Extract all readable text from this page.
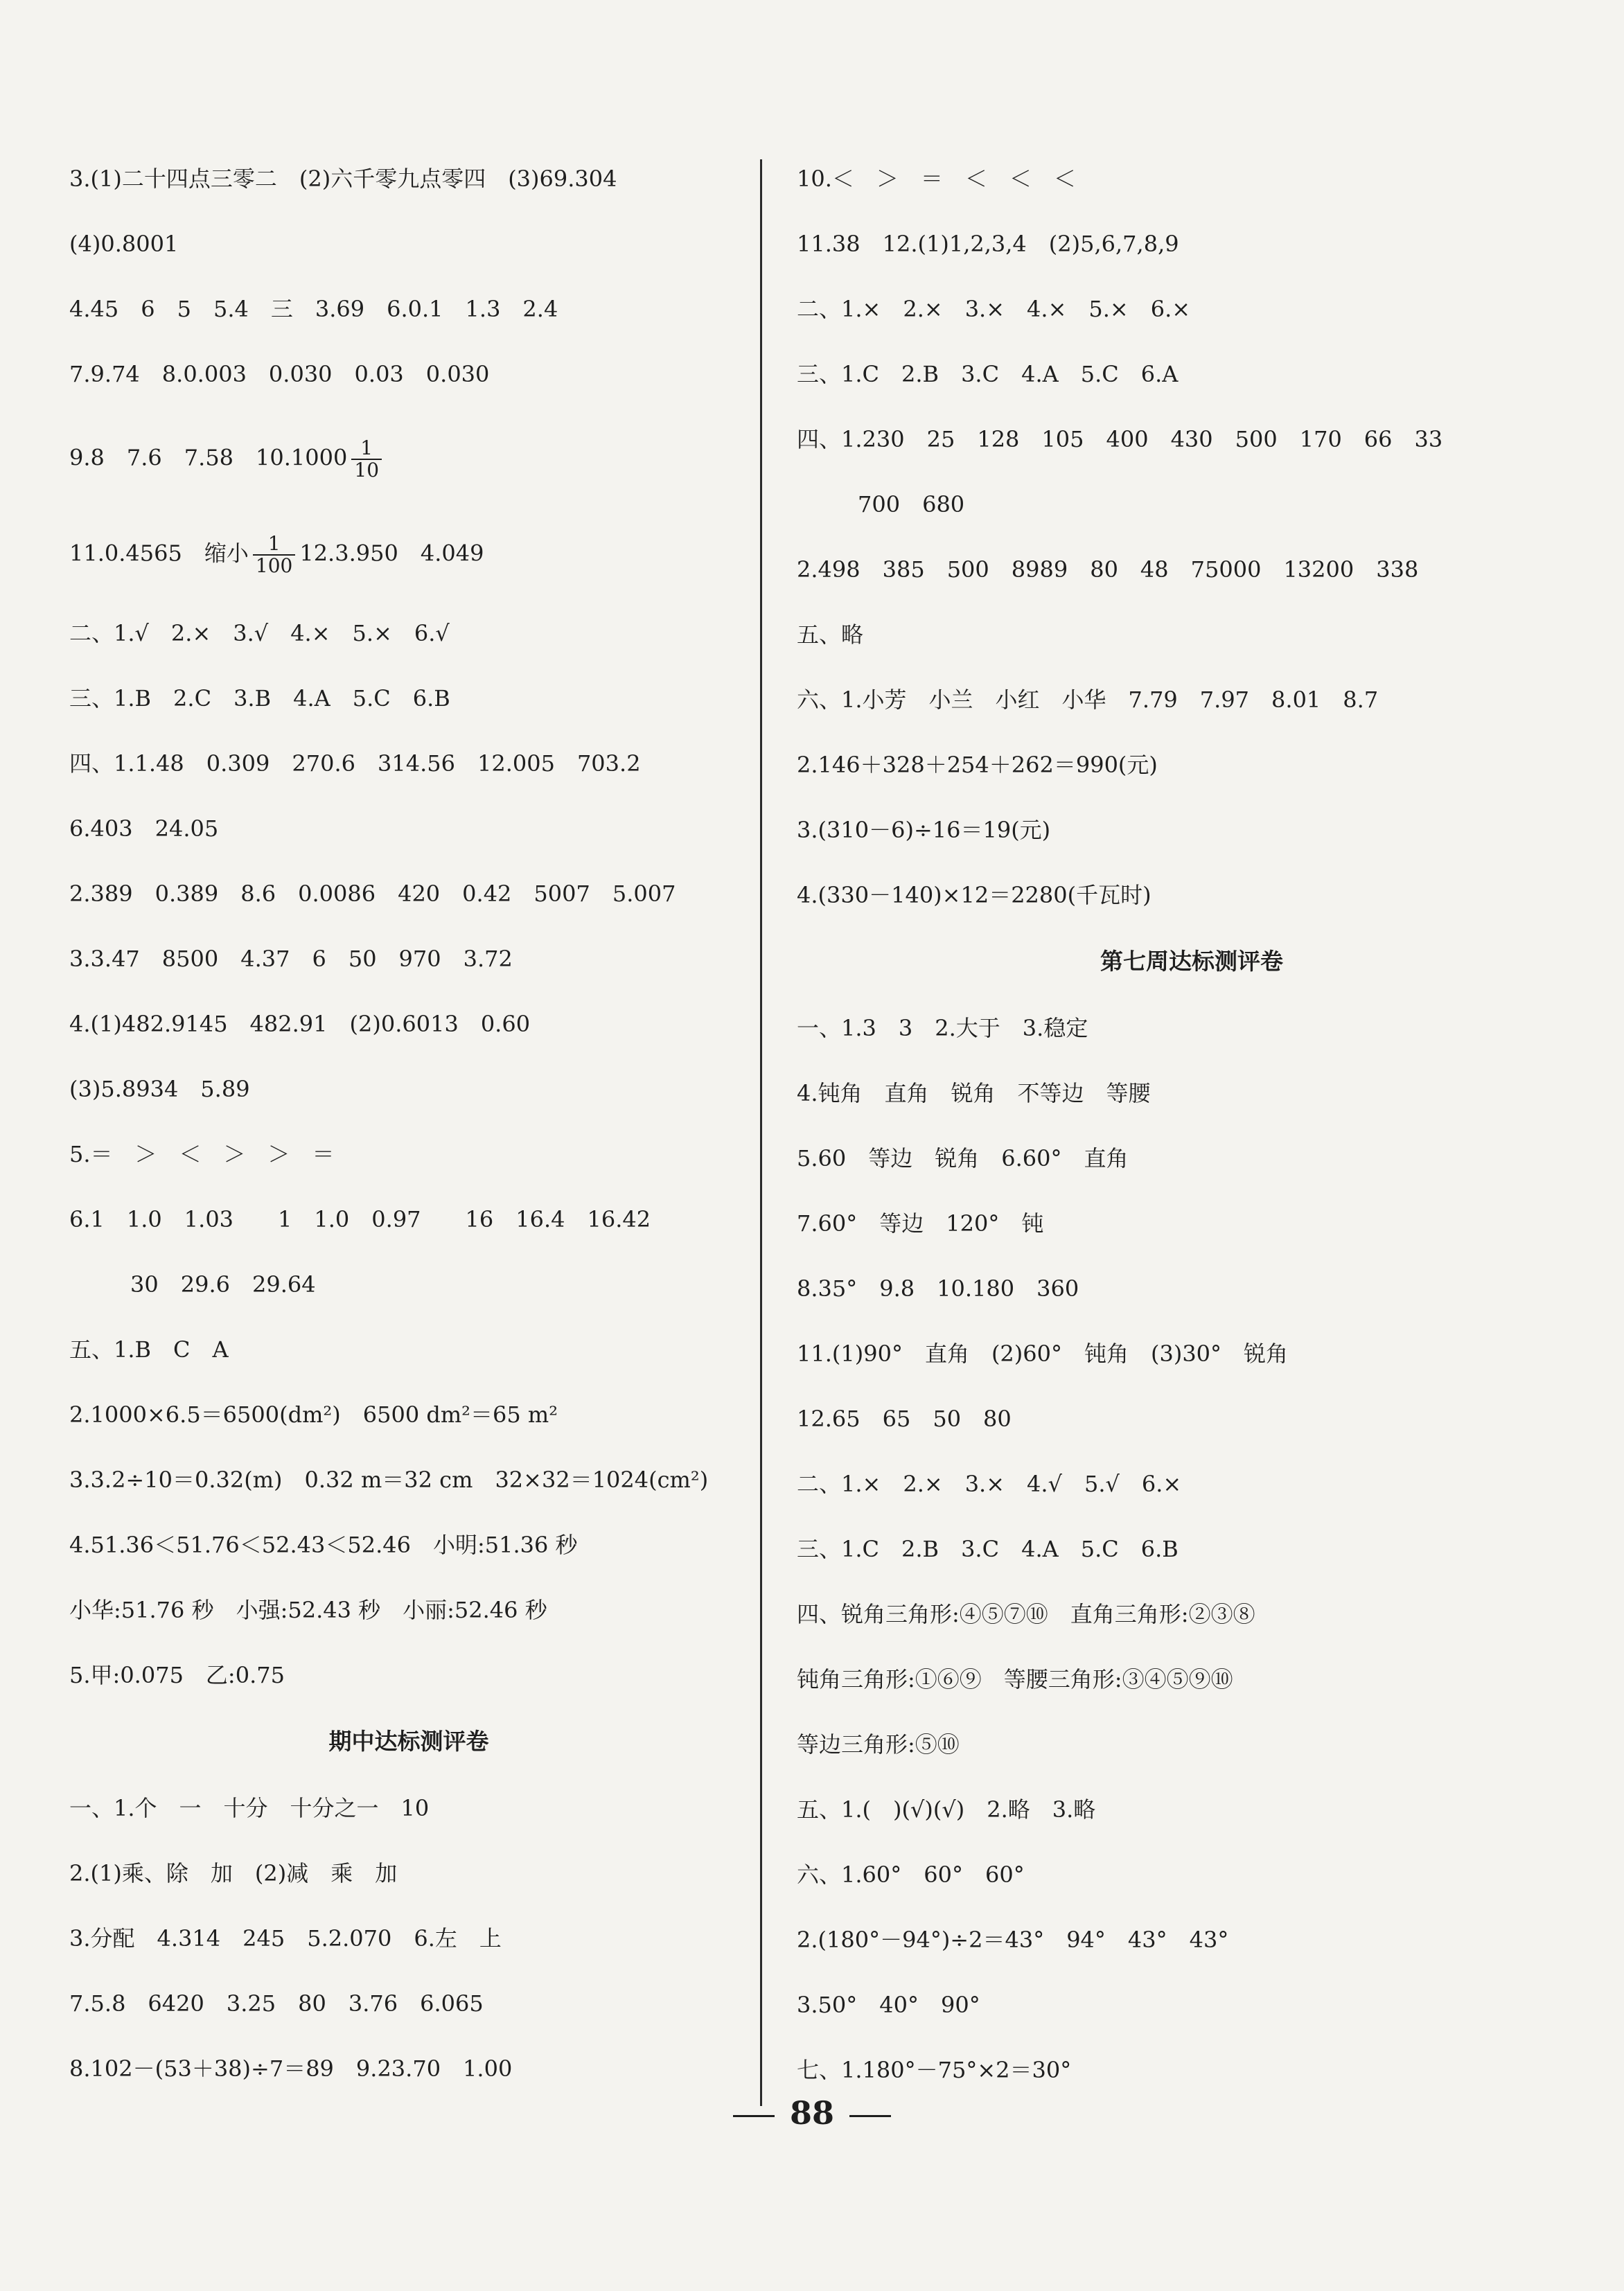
3.(1)二十四点三零二　(2)六千零九点零四　(3)69.304
(4)0.8001
4.45　6　5　5.4　三　3.69　6.0.1　1.3　2.4
7.9.74　8.0.003　0.030　0.03　0.030
9.8　7.6　7.58　$10.1000 \frac{1}{10}$
11.0.4565　缩小 $\frac{1}{100} 12.3.950$　4.049
二、1.√　2.×　3.√　4.×　5.×　6.√
三、1.B　2.C　3.B　4.A　5.C　6.B
四、1.1.48　0.309　270.6　314.56　12.005　703.2
6.403　24.05
2.389　0.389　8.6　0.0086　420　0.42　5007　5.007
3.3.47　8500　4.37　6　50　970　3.72
4.(1)482.9145　482.91　(2)0.6013　0.60
(3)5.8934　5.89
5.＝　＞　＜　＞　＞　＝
6.1　1.0　1.03　　1　1.0　0.97　　16　16.4　16.42
30　29.6　29.64
五、1.B　C　A
2.1000×6.5＝6500(dm²)　6500 dm²＝65 m²
3.3.2÷10＝0.32(m)　0.32 m＝32 cm　32×32＝1024(cm²)
4.51.36＜51.76＜52.43＜52.46　小明:51.36 秒
小华:51.76 秒　小强:52.43 秒　小丽:52.46 秒
5.甲:0.075　乙:0.75
期中达标测评卷
一、1.个　一　十分　十分之一　10
2.(1)乘、除　加　(2)减　乘　加
3.分配　4.314　245　5.2.070　6.左　上
7.5.8　6420　3.25　80　3.76　6.065
8.102－(53＋38)÷7＝89　9.23.70　1.00
10.＜　＞　＝　＜　＜　＜
11.38　12.(1)1,2,3,4　(2)5,6,7,8,9
二、1.×　2.×　3.×　4.×　5.×　6.×
三、1.C　2.B　3.C　4.A　5.C　6.A
四、1.230　25　128　105　400　430　500　170　66　33
700　680
2.498　385　500　8989　80　48　75000　13200　338
五、略
六、1.小芳　小兰　小红　小华　7.79　7.97　8.01　8.7
2.146＋328＋254＋262＝990(元)
3.(310－6)÷16＝19(元)
4.(330－140)×12＝2280(千瓦时)
第七周达标测评卷
一、1.3　3　2.大于　3.稳定
4.钝角　直角　锐角　不等边　等腰
5.60　等边　锐角　6.60°　直角
7.60°　等边　120°　钝
8.35°　9.8　10.180　360
11.(1)90°　直角　(2)60°　钝角　(3)30°　锐角
12.65　65　50　80
二、1.×　2.×　3.×　4.√　5.√　6.×
三、1.C　2.B　3.C　4.A　5.C　6.B
四、锐角三角形:④⑤⑦⑩　直角三角形:②③⑧
钝角三角形:①⑥⑨　等腰三角形:③④⑤⑨⑩
等边三角形:⑤⑩
五、1.(　)(√)(√)　2.略　3.略
六、1.60°　60°　60°
2.(180°－94°)÷2＝43°　94°　43°　43°
3.50°　40°　90°
七、1.180°－75°×2＝30°
88
